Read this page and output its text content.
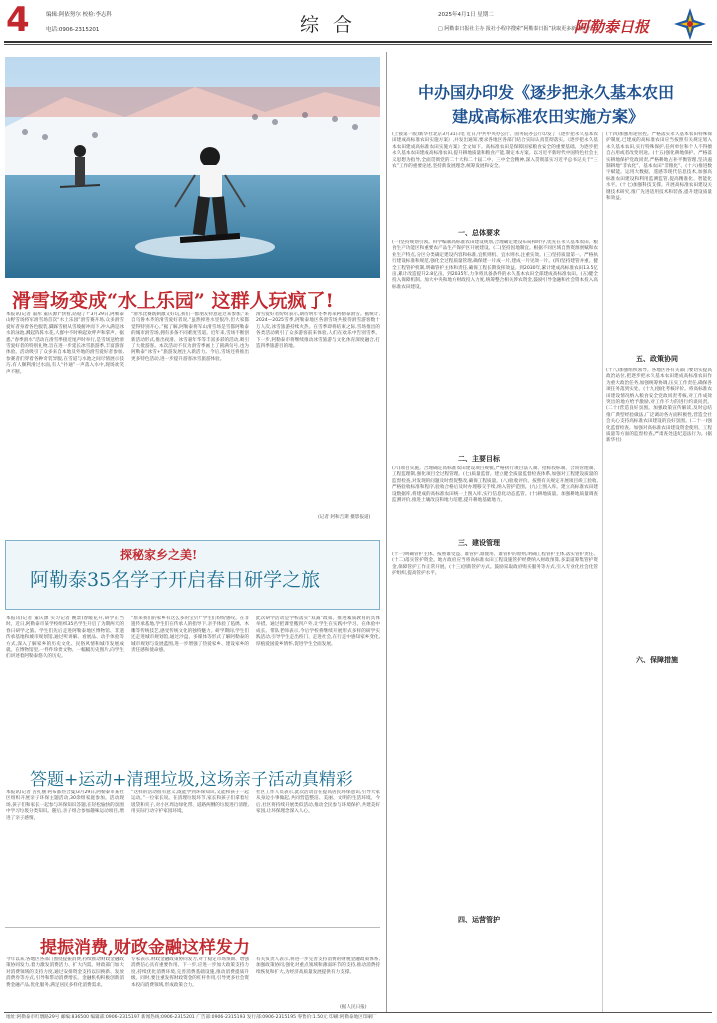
4	编辑:阿依努尔 校检:李志科
电话:0906-2315201	综 合	2025年4月1日 星期二
□ 阿勒泰日报社主办 报社小程序搜索“阿勒泰日报”获取更多新闻资讯
阿勒泰日报
滑雪场变成“水上乐园” 这群人玩疯了!
本报讯(记者 董彤 董庆源)“快看,站稳了!”3月29日,阿勒泰山野雪场将军滑雪场首次“水上乐园”滑雪赛开场,众多滑雪爱好者身着各色服装,脚踩雪板从雪坡俯冲而下,冲入满是冰水的泳池,溅起阵阵水花,人群中不时响起欢呼声和掌声。据悉,“春季滑水”活动在滑雪季接近尾声时举行,是雪场送给滑雪爱好者的特别礼物,旨在进一步延长冰雪旅游季,丰富游客体验。活动吸引了众多来自本地及外地的滑雪爱好者参加,参赛者们穿着各种奇装异服,在雪道与水池之间尽情展示技巧,有人顺利滑过水面,有人“扑通”一声落入水中,现场欢笑声不断。
“滑水比赛既刺激又好玩,我们一群朋友特意赶过来参加,”来自乌鲁木齐的滑雪爱好者说,“虽然掉进水里很冷,但大家都觉得特别开心。”据了解,阿勒泰将军山滑雪场是雪都阿勒泰的城市滑雪场,拥有多条不同难度雪道。近年来,雪场不断创新活动形式,推出夜滑、冰雪嘉年华等丰富多彩的活动,吸引了大批游客。本次活动不仅为滑雪季画上了圆满句号,也为阿勒泰“冰雪+”旅游发展注入新活力。今后,雪场还将推出更多特色活动,进一步提升游客冰雪旅游体验。
滑雪爱好者纷纷表示,期待明年冬季再来阿勒泰滑雪。据统计,2024—2025雪季,阿勒泰地区各滑雪场共接待滑雪游客数十万人次,冰雪旅游持续火热。在雪季即将结束之际,雪场推出的各类活动吸引了众多游客前来体验,人们在欢乐中告别雪季。下一步,阿勒泰市将继续推动冰雪旅游与文化体育深度融合,打造四季旅游目的地。
(记者 阿和吉斯 摄影报道)
探秘家乡之美!
阿勒泰35名学子开启春日研学之旅
本报讯(记者 董庆源 实习记者 姚景)春暖花开,研学正当时。近日,阿勒泰市某学校组织35名学生开启了为期两天的春日研学之旅。学生们先后走进阿勒泰地区博物馆、非遗传承基地和城市规划馆,通过听讲解、看展品、动手体验等方式,深入了解家乡的历史文化、民俗风情和城市发展成就。在博物馆里,一件件珍贵文物、一幅幅历史图片,向学生们讲述着阿勒泰悠久的历史。
“原来我们的家乡有这么多的宝贝!”学生们纷纷感叹。在非遗传承基地,学生们在传承人的指导下,亲手体验了毡绣、木雕等传统技艺,感受传统文化的独特魅力。研学期间,学生们还走进城市规划馆,通过沙盘、多媒体等形式了解阿勒泰的城市规划与发展蓝图,进一步增强了热爱家乡、建设家乡的责任感和使命感。
此次研学活动是学校落实“双减”政策、推进素质教育的具体举措。通过把课堂搬到户外,让学生在实践中学习、在体验中成长。带队老师表示,今后学校将继续开展形式多样的研学实践活动,引导学生走出校门、走进社会,在行走中感知家乡变化,厚植爱国爱乡情怀,促进学生全面发展。
答题+运动+清理垃圾,这场亲子活动真精彩
本报讯(记者 古扎丽 阿布都热合曼)3月29日,阿勒泰市某社区组织开展亲子环保主题活动,30余组家庭参加。活动现场,孩子们和家长一起参与环保知识答题,在轻松愉快的氛围中学习垃圾分类知识。随后,亲子组合参加趣味运动项目,增进了亲子感情。
“这样的活动很有意义,既能学到环保知识,又能和孩子一起运动。”一位家长说。在清理垃圾环节,家长和孩子们拿着垃圾袋和夹子,对小区周边绿化带、道路两侧的垃圾进行清理,用实际行动守护家园环境。
社区工作人员表示,此次活动旨在提高居民环保意识,引导大家从身边小事做起,共同营造整洁、美丽、文明的生活环境。今后,社区将持续开展类似活动,推动全民参与环境保护,共建美好家园,让环保理念深入人心。
提振消费,财政金融这样发力
今年以来,各地区各部门围绕提振消费,持续推动财政金融政策协同发力,着力激发消费活力、扩大内需。财政部门加大对消费领域的支持力度,通过安排资金支持以旧换新、发放消费券等方式,引导和带动消费增长。金融机构积极创新消费金融产品,优化服务,满足居民多样化消费需求。
专家表示,财政金融政策协同发力,对于稳定市场预期、增强消费信心具有重要作用。下一步,应进一步加大政策支持力度,持续优化消费环境,完善消费基础设施,推动消费提质升级。同时,要注重发挥财政资金的杠杆作用,引导更多社会资本投向消费领域,形成政策合力。
有关负责人表示,将进一步完善支持消费的财税金融政策体系,加强政策协同,强化对重点领域和薄弱环节的支持,推动消费持续恢复和扩大,为经济高质量发展提供有力支撑。
(据人民日报)
中办国办印发《逐步把永久基本农田
建成高标准农田实施方案》
(上接第一版)新华社北京3月31日电 近日,中共中央办公厅、国务院办公厅印发了《逐步把永久基本农田建成高标准农田实施方案》,并发出通知,要求各地区各部门结合实际认真贯彻落实。《逐步把永久基本农田建成高标准农田实施方案》全文如下。高标准农田是保障国家粮食安全的重要基础。为逐步把永久基本农田建成高标准农田,提升耕地质量和粮食产能,制定本方案。以习近平新时代中国特色社会主义思想为指导,全面贯彻党的二十大和二十届二中、三中全会精神,深入贯彻落实习近平总书记关于“三农”工作的重要论述,坚持新发展理念,统筹发展和安全。
一、总体要求
(一)坚持规划引领。科学编制高标准农田建设规划,合理确定建设布局和时序,优先在永久基本农田、粮食生产功能区和重要农产品生产保护区开展建设。(二)坚持因地制宜。根据不同区域自然资源禀赋和农业生产特点,分区分类确定建设内容和标准,宜机则机、宜水则水,注重实效。(三)坚持质量第一。严格执行建设标准和规范,强化全过程质量管理,确保建一片成一片,建成一片见效一片。(四)坚持建管并重。健全工程管护机制,明确管护主体和责任,确保工程长期发挥效益。到2030年,累计建成高标准农田13.5亿亩,累计改造提升2.8亿亩。到2035年,力争将具备条件的永久基本农田全部建成高标准农田。(五)健全投入保障机制。加大中央和地方财政投入力度,统筹整合相关涉农资金,鼓励引导金融和社会资本投入高标准农田建设。
二、主要目标
(六)项目实施。合理确定高标准农田建设项目规模,严格执行项目法人制、招标投标制、合同管理制、工程监理制,强化项目全过程管理。(七)质量监督。建立健全质量监督检查体系,加强对工程建设质量的监督检查,对发现的问题及时督促整改,确保工程质量。(八)验收评价。按照有关规定开展项目竣工验收,严格验收标准和程序,验收合格后及时办理移交手续,纳入管护范围。(九)上图入库。建立高标准农田建设数据库,将建成的高标准农田统一上图入库,实行信息化动态监管。(十)耕地质量。加强耕地质量调查监测评价,推进土壤改良和地力培肥,提升耕地基础地力。
三、建设管理
(十一)明确管护主体。按照谁受益、谁管护,谁使用、谁管护的原则,明确工程管护主体,落实管护责任。(十二)落实管护资金。地方政府应当将高标准农田工程设施管护经费纳入财政预算,多渠道筹集管护资金,保障管护工作正常开展。(十三)创新管护方式。鼓励采取政府购买服务等方式,引入专业化社会化管护组织,提高管护水平。
四、运营管护
(十四)加强用途管控。严格落实永久基本农田特殊保护制度,已建成的高标准农田应当按照有关规定划入永久基本农田,实行特殊保护,任何单位和个人不得擅自占用或者改变用途。(十五)强化耕地保护。严格落实耕地保护党政同责,严格耕地占补平衡管理,坚决遏制耕地“非农化”、基本农田“非粮化”。(十六)推进数字赋能。运用大数据、遥感等现代信息技术,加强高标准农田建设和利用监测监管,提高精准化、智能化水平。(十七)加强科技支撑。开展高标准农田建设关键技术研究,推广先进适用技术和装备,提升建设质量和效益。
五、政策协同
(十八)加强组织领导。各地区各有关部门要切实提高政治站位,把逐步把永久基本农田建成高标准农田作为重大政治任务,加强统筹协调,压实工作责任,确保各项任务落到实处。(十九)强化考核评价。将高标准农田建设情况纳入粮食安全党政同责考核,对工作成效突出的地方给予激励,对工作不力的进行约谈问责。(二十)营造良好氛围。加强政策宣传解读,及时总结推广典型经验做法,广泛调动各方面积极性,营造全社会关心支持高标准农田建设的良好氛围。(二十一)强化监督检查。加强对高标准农田建设资金使用、工程质量等方面的监督检查,严肃查处违纪违法行为。(据新华社)
六、保障措施
地址:阿勒泰市红墩路29号 邮编:836500 编辑部:0906-2315197 新闻热线:0906-2315201 广告部:0906-2315193 发行部:0906-2315195 零售价:1.50元 印刷:阿勒泰地区印刷厂
